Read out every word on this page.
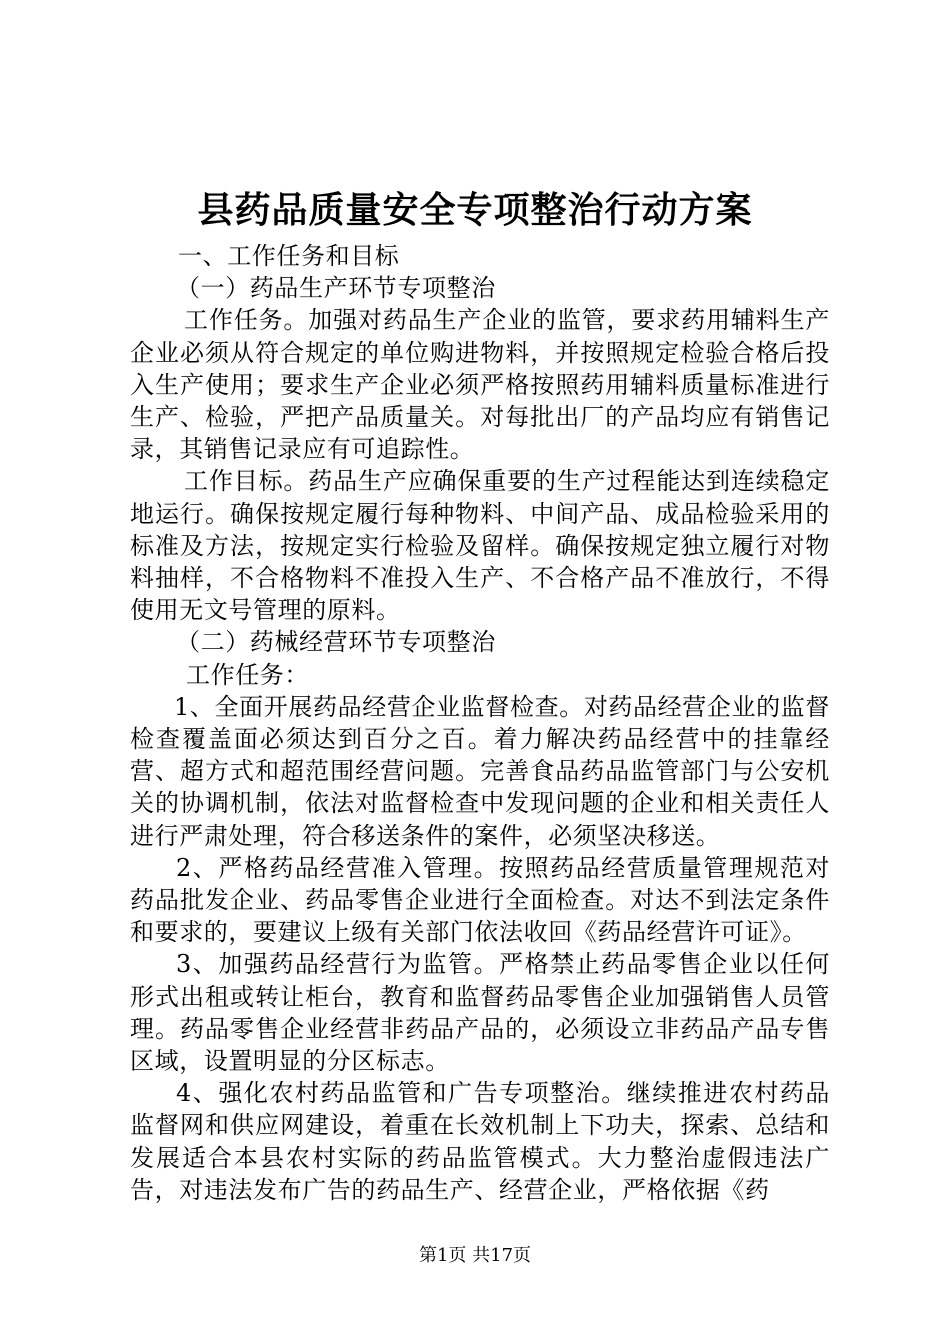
县药品质量安全专项整治行动方案

一、工作任务和目标

（一）药品生产环节专项整治

工作任务。加强对药品生产企业的监管，要求药用辅料生产企业必须从符合规定的单位购进物料，并按照规定检验合格后投入生产使用；要求生产企业必须严格按照药用辅料质量标准进行生产、检验，严把产品质量关。对每批出厂的产品均应有销售记录，其销售记录应有可追踪性。

工作目标。药品生产应确保重要的生产过程能达到连续稳定地运行。确保按规定履行每种物料、中间产品、成品检验采用的标准及方法，按规定实行检验及留样。确保按规定独立履行对物料抽样，不合格物料不准投入生产、不合格产品不准放行，不得使用无文号管理的原料。

（二）药械经营环节专项整治

工作任务：

1、全面开展药品经营企业监督检查。对药品经营企业的监督检查覆盖面必须达到百分之百。着力解决药品经营中的挂靠经营、超方式和超范围经营问题。完善食品药品监管部门与公安机关的协调机制，依法对监督检查中发现问题的企业和相关责任人进行严肃处理，符合移送条件的案件，必须坚决移送。

2、严格药品经营准入管理。按照药品经营质量管理规范对药品批发企业、药品零售企业进行全面检查。对达不到法定条件和要求的，要建议上级有关部门依法收回《药品经营许可证》。

3、加强药品经营行为监管。严格禁止药品零售企业以任何形式出租或转让柜台，教育和监督药品零售企业加强销售人员管理。药品零售企业经营非药品产品的，必须设立非药品产品专售区域，设置明显的分区标志。

4、强化农村药品监管和广告专项整治。继续推进农村药品监督网和供应网建设，着重在长效机制上下功夫，探索、总结和发展适合本县农村实际的药品监管模式。大力整治虚假违法广告，对违法发布广告的药品生产、经营企业，严格依据《药

第1页 共17页
